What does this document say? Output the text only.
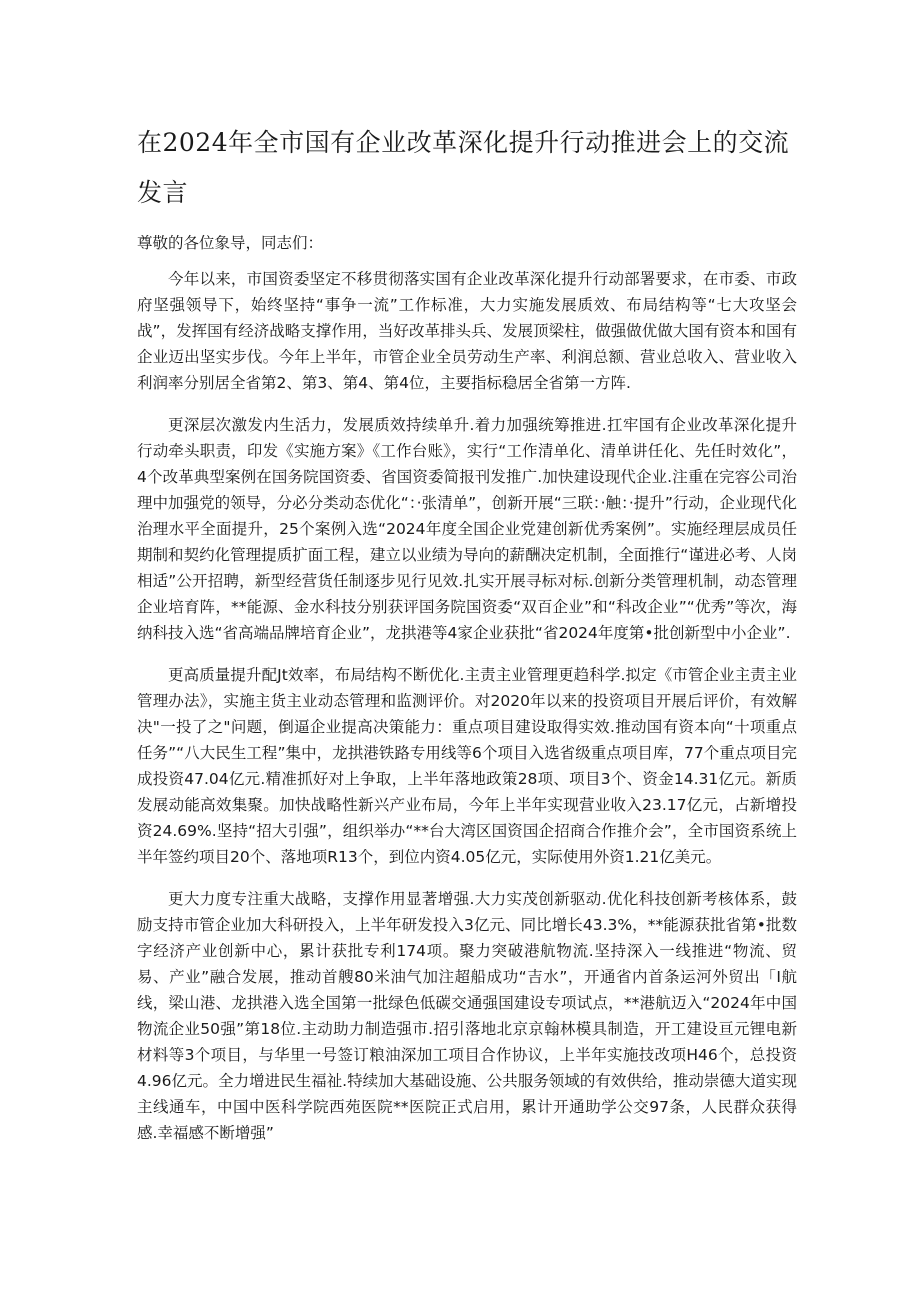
在2024年全市国有企业改革深化提升行动推进会上的交流发言

尊敬的各位象导，同志们：

今年以来，市国资委坚定不移贯彻落实国有企业改革深化提升行动部署要求，在市委、市政府坚强领导下，始终坚持“事争一流”工作标准，大力实施发展质效、布局结构等“七大攻坚会战”，发挥国有经济战略支撑作用，当好改革排头兵、发展顶梁柱，做强做优做大国有资本和国有企业迈出坚实步伐。今年上半年，市管企业全员劳动生产率、利润总额、营业总收入、营业收入利润率分别居全省第2、第3、第4、第4位，主要指标稳居全省第一方阵.

更深层次激发内生活力，发展质效持续单升.着力加强统筹推进.扛牢国有企业改革深化提升行动牵头职责，印发《实施方案》《工作台账》，实行“工作清单化、清单讲任化、先任时效化”，4个改革典型案例在国务院国资委、省国资委简报刊发推广.加快建设现代企业.注重在完容公司治理中加强党的领导，分必分类动态优化“：·张清单”，创新开展“三联：·触：·提升”行动，企业现代化治理水平全面提升，25个案例入选“2024年度全国企业党建创新优秀案例”。实施经理层成员任期制和契约化管理提质扩面工程，建立以业绩为导向的薪酬决定机制，全面推行“谨进必考、人岗相适”公开招聘，新型经营货任制逐步见行见效.扎实开展寻标对标.创新分类管理机制，动态管理企业培育阵，**能源、金水科技分别获评国务院国资委“双百企业”和“科改企业”“优秀”等次，海纳科技入选“省高端品牌培育企业”，龙拱港等4家企业获批“省2024年度第•批创新型中小企业”.

更高质量提升配Jt效率，布局结构不断优化.主责主业管理更趋科学.拟定《市管企业主责主业管理办法》，实施主货主业动态管理和监测评价。对2020年以来的投资项目开展后评价，有效解决"一投了之"问题，倒逼企业提高决策能力：重点项目建设取得实效.推动国有资本向“十项重点任务”“八大民生工程”集中，龙拱港铁路专用线等6个项目入选省级重点项目库，77个重点项目完成投资47.04亿元.精准抓好对上争取，上半年落地政策28项、项目3个、资金14.31亿元。新质发展动能高效集聚。加快战略性新兴产业布局，今年上半年实现营业收入23.17亿元，占新增投资24.69%.坚持“招大引强”，组织举办“**台大湾区国资国企招商合作推介会”，全市国资系统上半年签约项目20个、落地项R13个，到位内资4.05亿元，实际使用外资1.21亿美元。

更大力度专注重大战略，支撑作用显著增强.大力实茂创新驱动.优化科技创新考核体系，鼓励支持市管企业加大科研投入，上半年研发投入3亿元、同比增长43.3%，**能源获批省第•批数字经济产业创新中心，累计获批专利174项。聚力突破港航物流.坚持深入一线推进“物流、贸易、产业”融合发展，推动首艘80米油气加注超船成功“吉水”，开通省内首条运河外贸出「I航线，梁山港、龙拱港入选全国第一批绿色低碳交通强国建设专项试点，**港航迈入“2024年中国物流企业50强”第18位.主动助力制造强市.招引落地北京京翰林模具制造，开工建设亘元锂电新材料等3个项目，与华里一号签订粮油深加工项目合作协议，上半年实施技改项H46个，总投资4.96亿元。全力增进民生福祉.特续加大基础设施、公共服务领域的有效供给，推动崇德大道实现主线通车，中国中医科学院西苑医院**医院正式启用，累计开通助学公交97条，人民群众获得感.幸福感不断增强”
